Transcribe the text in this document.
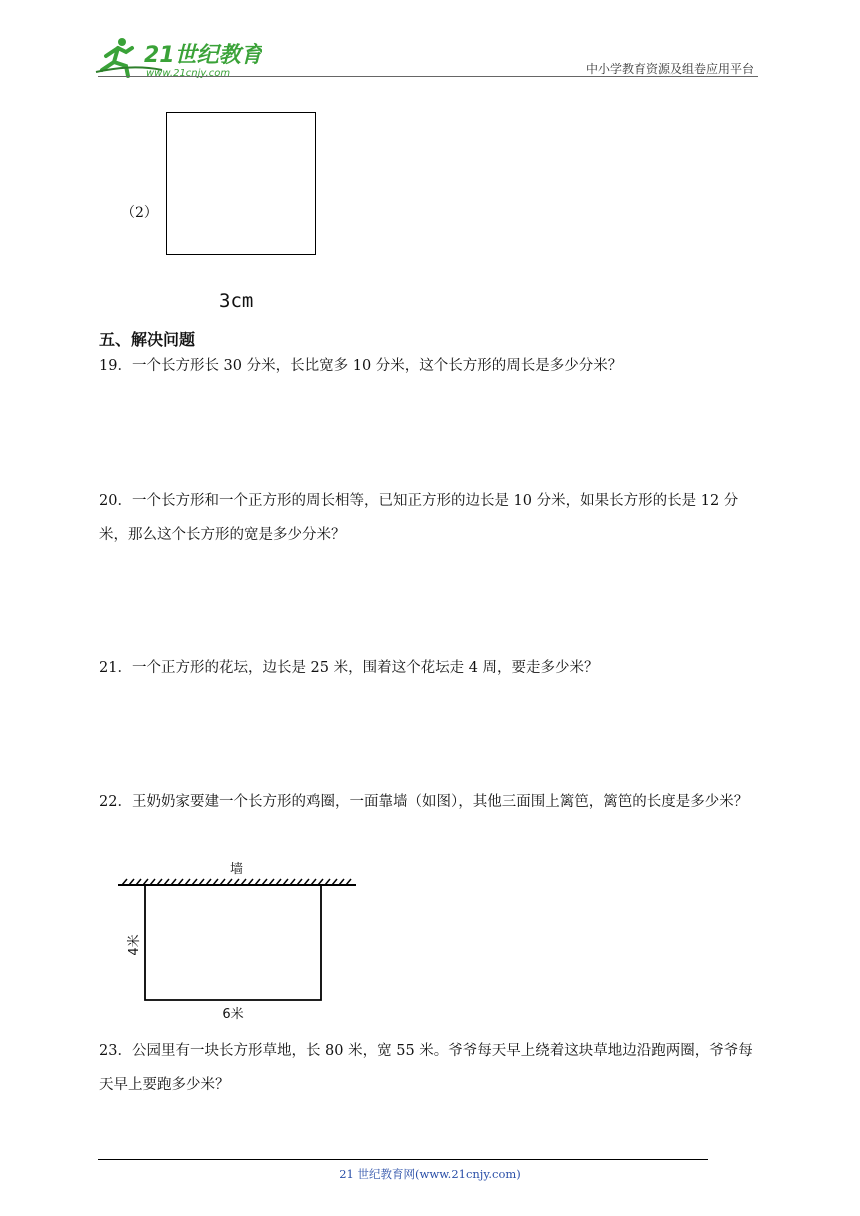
21世纪教育
www.21cnjy.com	中小学教育资源及组卷应用平台
（2）
3cm
五、解决问题
19．一个长方形长 30 分米，长比宽多 10 分米，这个长方形的周长是多少分米？
20．一个长方形和一个正方形的周长相等，已知正方形的边长是 10 分米，如果长方形的长是 12 分米，那么这个长方形的宽是多少分米？
21．一个正方形的花坛，边长是 25 米，围着这个花坛走 4 周，要走多少米？
22．王奶奶家要建一个长方形的鸡圈，一面靠墙（如图），其他三面围上篱笆，篱笆的长度是多少米？
墙
4米
6米
23．公园里有一块长方形草地，长 80 米，宽 55 米。爷爷每天早上绕着这块草地边沿跑两圈，爷爷每天早上要跑多少米？
21 世纪教育网(www.21cnjy.com)
